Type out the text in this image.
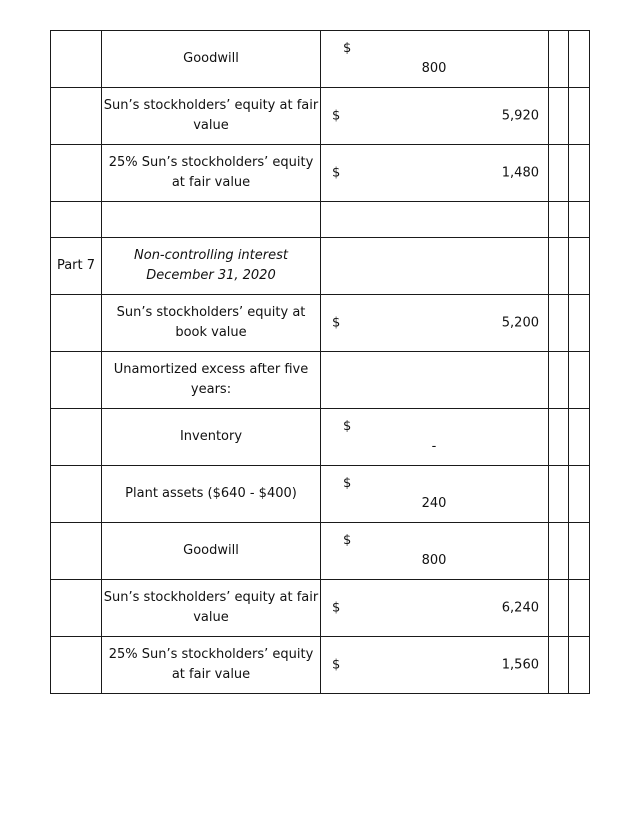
	Goodwill	$
800		

	Sun’s stockholders’ equity at fair value	$ 5,920		

	25% Sun’s stockholders’ equity at fair value	$ 1,480		

Part 7	Non-controlling interest December 31, 2020			
	Sun’s stockholders’ equity at book value	$ 5,200		

	Unamortized excess after five years:			
	Inventory	$
-		

	Plant assets ($640 - $400)	$
240		

	Goodwill	$
800		

	Sun’s stockholders’ equity at fair value	$ 6,240		

	25% Sun’s stockholders’ equity at fair value	$ 1,560		
